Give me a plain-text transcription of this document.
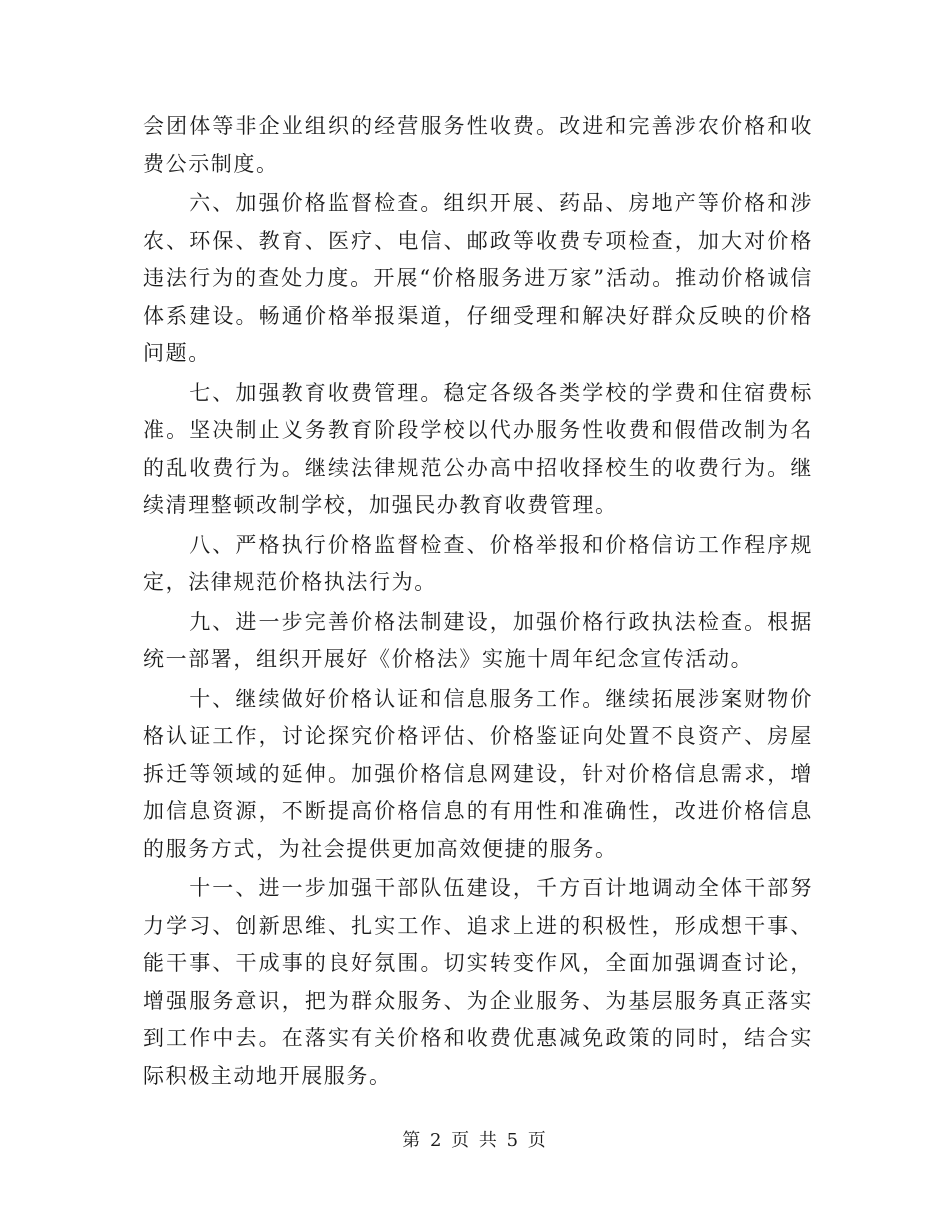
会团体等非企业组织的经营服务性收费。改进和完善涉农价格和收费公示制度。

六、加强价格监督检查。组织开展、药品、房地产等价格和涉农、环保、教育、医疗、电信、邮政等收费专项检查，加大对价格违法行为的查处力度。开展“价格服务进万家”活动。推动价格诚信体系建设。畅通价格举报渠道，仔细受理和解决好群众反映的价格问题。

七、加强教育收费管理。稳定各级各类学校的学费和住宿费标准。坚决制止义务教育阶段学校以代办服务性收费和假借改制为名的乱收费行为。继续法律规范公办高中招收择校生的收费行为。继续清理整顿改制学校，加强民办教育收费管理。

八、严格执行价格监督检查、价格举报和价格信访工作程序规定，法律规范价格执法行为。

九、进一步完善价格法制建设，加强价格行政执法检查。根据统一部署，组织开展好《价格法》实施十周年纪念宣传活动。

十、继续做好价格认证和信息服务工作。继续拓展涉案财物价格认证工作，讨论探究价格评估、价格鉴证向处置不良资产、房屋拆迁等领域的延伸。加强价格信息网建设，针对价格信息需求，增加信息资源，不断提高价格信息的有用性和准确性，改进价格信息的服务方式，为社会提供更加高效便捷的服务。

十一、进一步加强干部队伍建设，千方百计地调动全体干部努力学习、创新思维、扎实工作、追求上进的积极性，形成想干事、能干事、干成事的良好氛围。切实转变作风，全面加强调查讨论，增强服务意识，把为群众服务、为企业服务、为基层服务真正落实到工作中去。在落实有关价格和收费优惠减免政策的同时，结合实际积极主动地开展服务。

第 2 页 共 5 页
